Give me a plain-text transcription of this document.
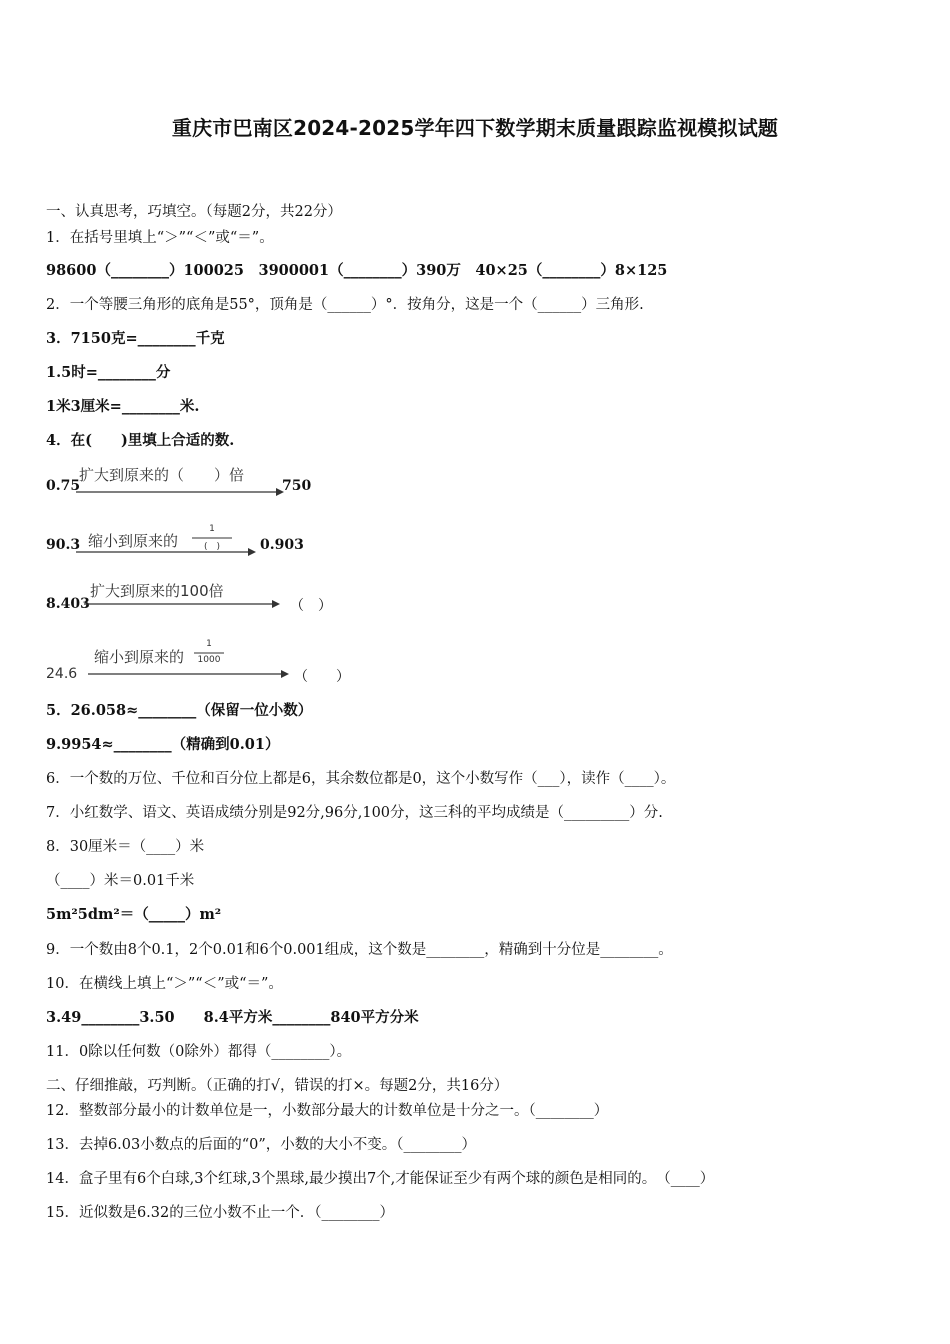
重庆市巴南区2024-2025学年四下数学期末质量跟踪监视模拟试题
一、认真思考，巧填空。（每题2分，共22分）
1．在括号里填上“＞”“＜”或“＝”。
98600（________）100025　3900001（________）390万　40×25（________）8×125
2．一个等腰三角形的底角是55°，顶角是（______）°．按角分，这是一个（______）三角形.
3．7150克=________千克
1.5时=________分
1米3厘米=________米.
4．在(　　)里填上合适的数.
0.75
扩大到原来的（　　）倍
750
90.3 缩小到原来的
1
(　)	0.903
8.403
扩大到原来的100倍
（　）
24.6
缩小到原来的
1
1000
（　　）
5．26.058≈________（保留一位小数）
9.9954≈________（精确到0.01）
6．一个数的万位、千位和百分位上都是6，其余数位都是0，这个小数写作（___），读作（____）。
7．小红数学、语文、英语成绩分别是92分,96分,100分，这三科的平均成绩是（_________）分.
8．30厘米＝（____）米
（____）米＝0.01千米
5m²5dm²＝（_____）m²
9．一个数由8个0.1，2个0.01和6个0.001组成，这个数是________，精确到十分位是________。
10．在横线上填上“＞”“＜”或“＝”。
3.49________3.50　　8.4平方米________840平方分米
11．0除以任何数（0除外）都得（________）。
二、仔细推敲，巧判断。（正确的打√，错误的打×。每题2分，共16分）
12．整数部分最小的计数单位是一，小数部分最大的计数单位是十分之一。（________）
13．去掉6.03小数点的后面的“0”，小数的大小不变。（________）
14．盒子里有6个白球,3个红球,3个黑球,最少摸出7个,才能保证至少有两个球的颜色是相同的。　（____）
15．近似数是6.32的三位小数不止一个．（________）
